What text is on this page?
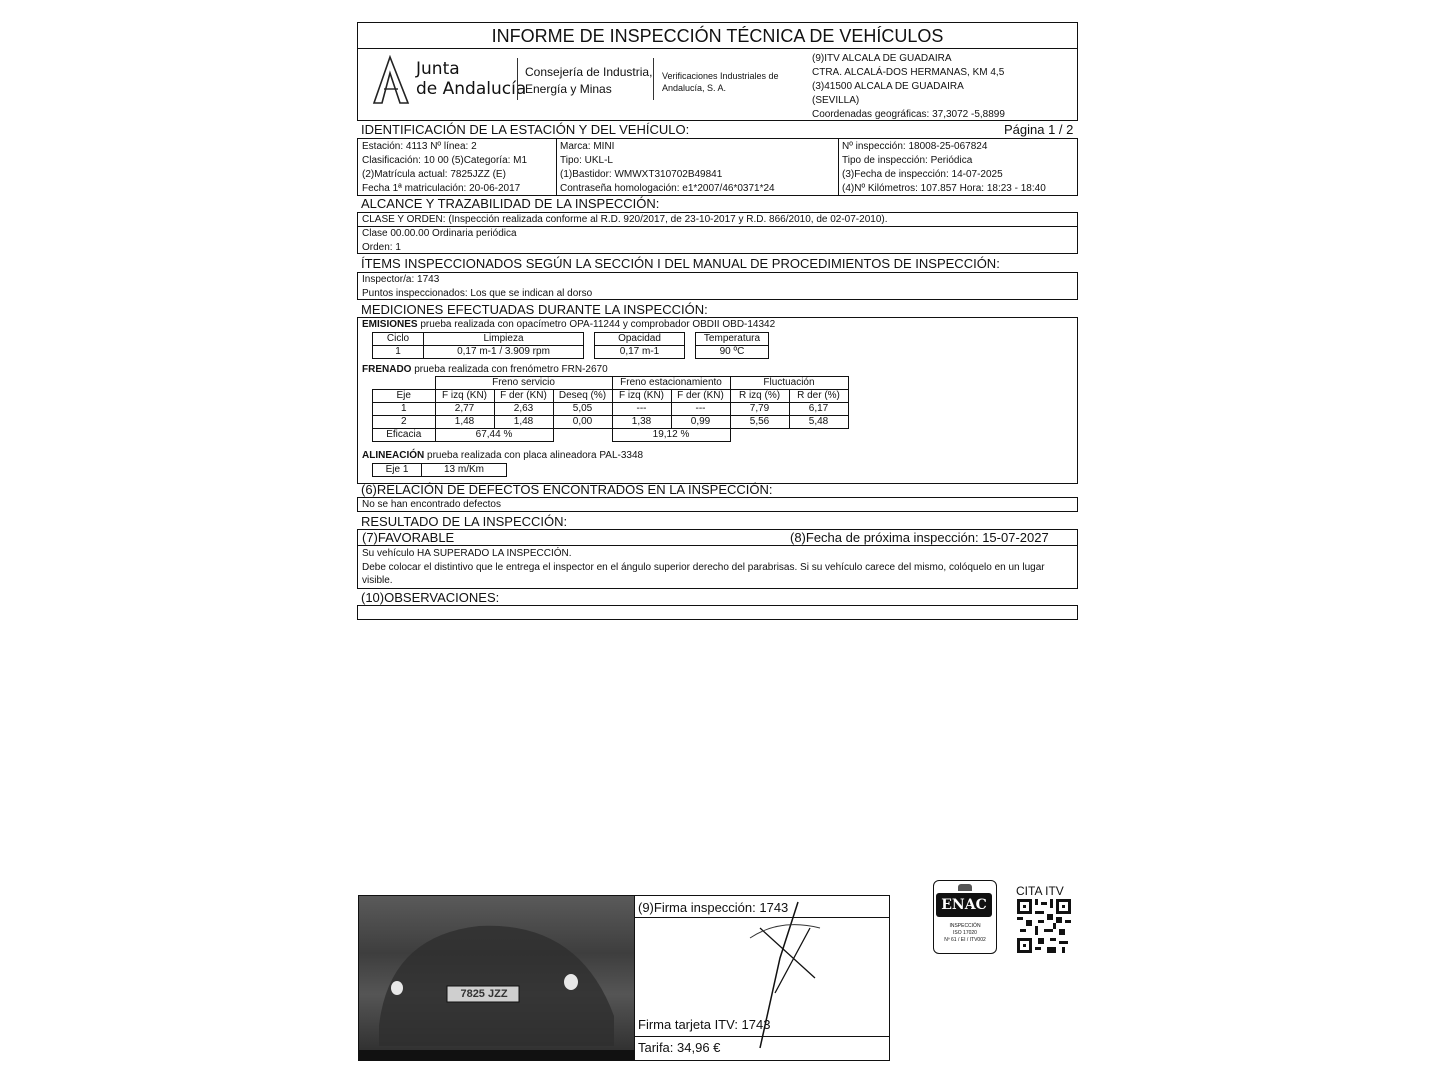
INFORME DE INSPECCIÓN TÉCNICA DE VEHÍCULOS
Junta
de Andalucía
Consejería de Industria,
Energía y Minas
Verificaciones Industriales de
Andalucía, S. A.
(9)ITV ALCALA DE GUADAIRA
CTRA. ALCALÁ-DOS HERMANAS, KM 4,5
(3)41500 ALCALA DE GUADAIRA
(SEVILLA)
Coordenadas geográficas: 37,3072 -5,8899
IDENTIFICACIÓN DE LA ESTACIÓN Y DEL VEHÍCULO:	Página 1 / 2
Estación: 4113 Nº línea: 2
Clasificación: 10 00 (5)Categoría: M1
(2)Matrícula actual: 7825JZZ (E)
Fecha 1ª matriculación: 20-06-2017
Marca: MINI
Tipo: UKL-L
(1)Bastidor: WMWXT310702B49841
Contraseña homologación: e1*2007/46*0371*24
Nº inspección: 18008-25-067824
Tipo de inspección: Periódica
(3)Fecha de inspección: 14-07-2025
(4)Nº Kilómetros: 107.857 Hora: 18:23 - 18:40
ALCANCE Y TRAZABILIDAD DE LA INSPECCIÓN:
CLASE Y ORDEN: (Inspección realizada conforme al R.D. 920/2017, de 23-10-2017 y R.D. 866/2010, de 02-07-2010).
Clase 00.00.00 Ordinaria periódica
Orden: 1
ÍTEMS INSPECCIONADOS SEGÚN LA SECCIÓN I DEL MANUAL DE PROCEDIMIENTOS DE INSPECCIÓN:
Inspector/a: 1743
Puntos inspeccionados: Los que se indican al dorso
MEDICIONES EFECTUADAS DURANTE LA INSPECCIÓN:
EMISIONES prueba realizada con opacímetro OPA-11244 y comprobador OBDII OBD-14342
Ciclo	Limpieza
1	0,17 m-1 / 3.909 rpm
Opacidad
0,17 m-1
Temperatura
90 ºC
FRENADO prueba realizada con frenómetro FRN-2670
	Freno servicio			Freno estacionamiento		Fluctuación	
Eje	F izq (KN)	F der (KN)	Deseq (%)	F izq (KN)	F der (KN)	R izq (%)	R der (%)
1	2,77	2,63	5,05	---	---	7,79	6,17
2	1,48	1,48	0,00	1,38	0,99	5,56	5,48
Eficacia	67,44 %			19,12 %			
ALINEACIÓN prueba realizada con placa alineadora PAL-3348
Eje 1	13 m/Km
(6)RELACIÓN DE DEFECTOS ENCONTRADOS EN LA INSPECCIÓN:
No se han encontrado defectos
RESULTADO DE LA INSPECCIÓN:
(7)FAVORABLE	(8)Fecha de próxima inspección: 15-07-2027
Su vehículo HA SUPERADO LA INSPECCIÓN.
Debe colocar el distintivo que le entrega el inspector en el ángulo superior derecho del parabrisas. Si su vehículo carece del mismo, colóquelo en un lugar visible.
(10)OBSERVACIONES:
7825 JZZ
(9)Firma inspección: 1743
Firma tarjeta ITV: 1743
Tarifa: 34,96 €
ENAC
INSPECCIÓN
ISO 17020
Nº 61 / EI / ITV002
CITA ITV
